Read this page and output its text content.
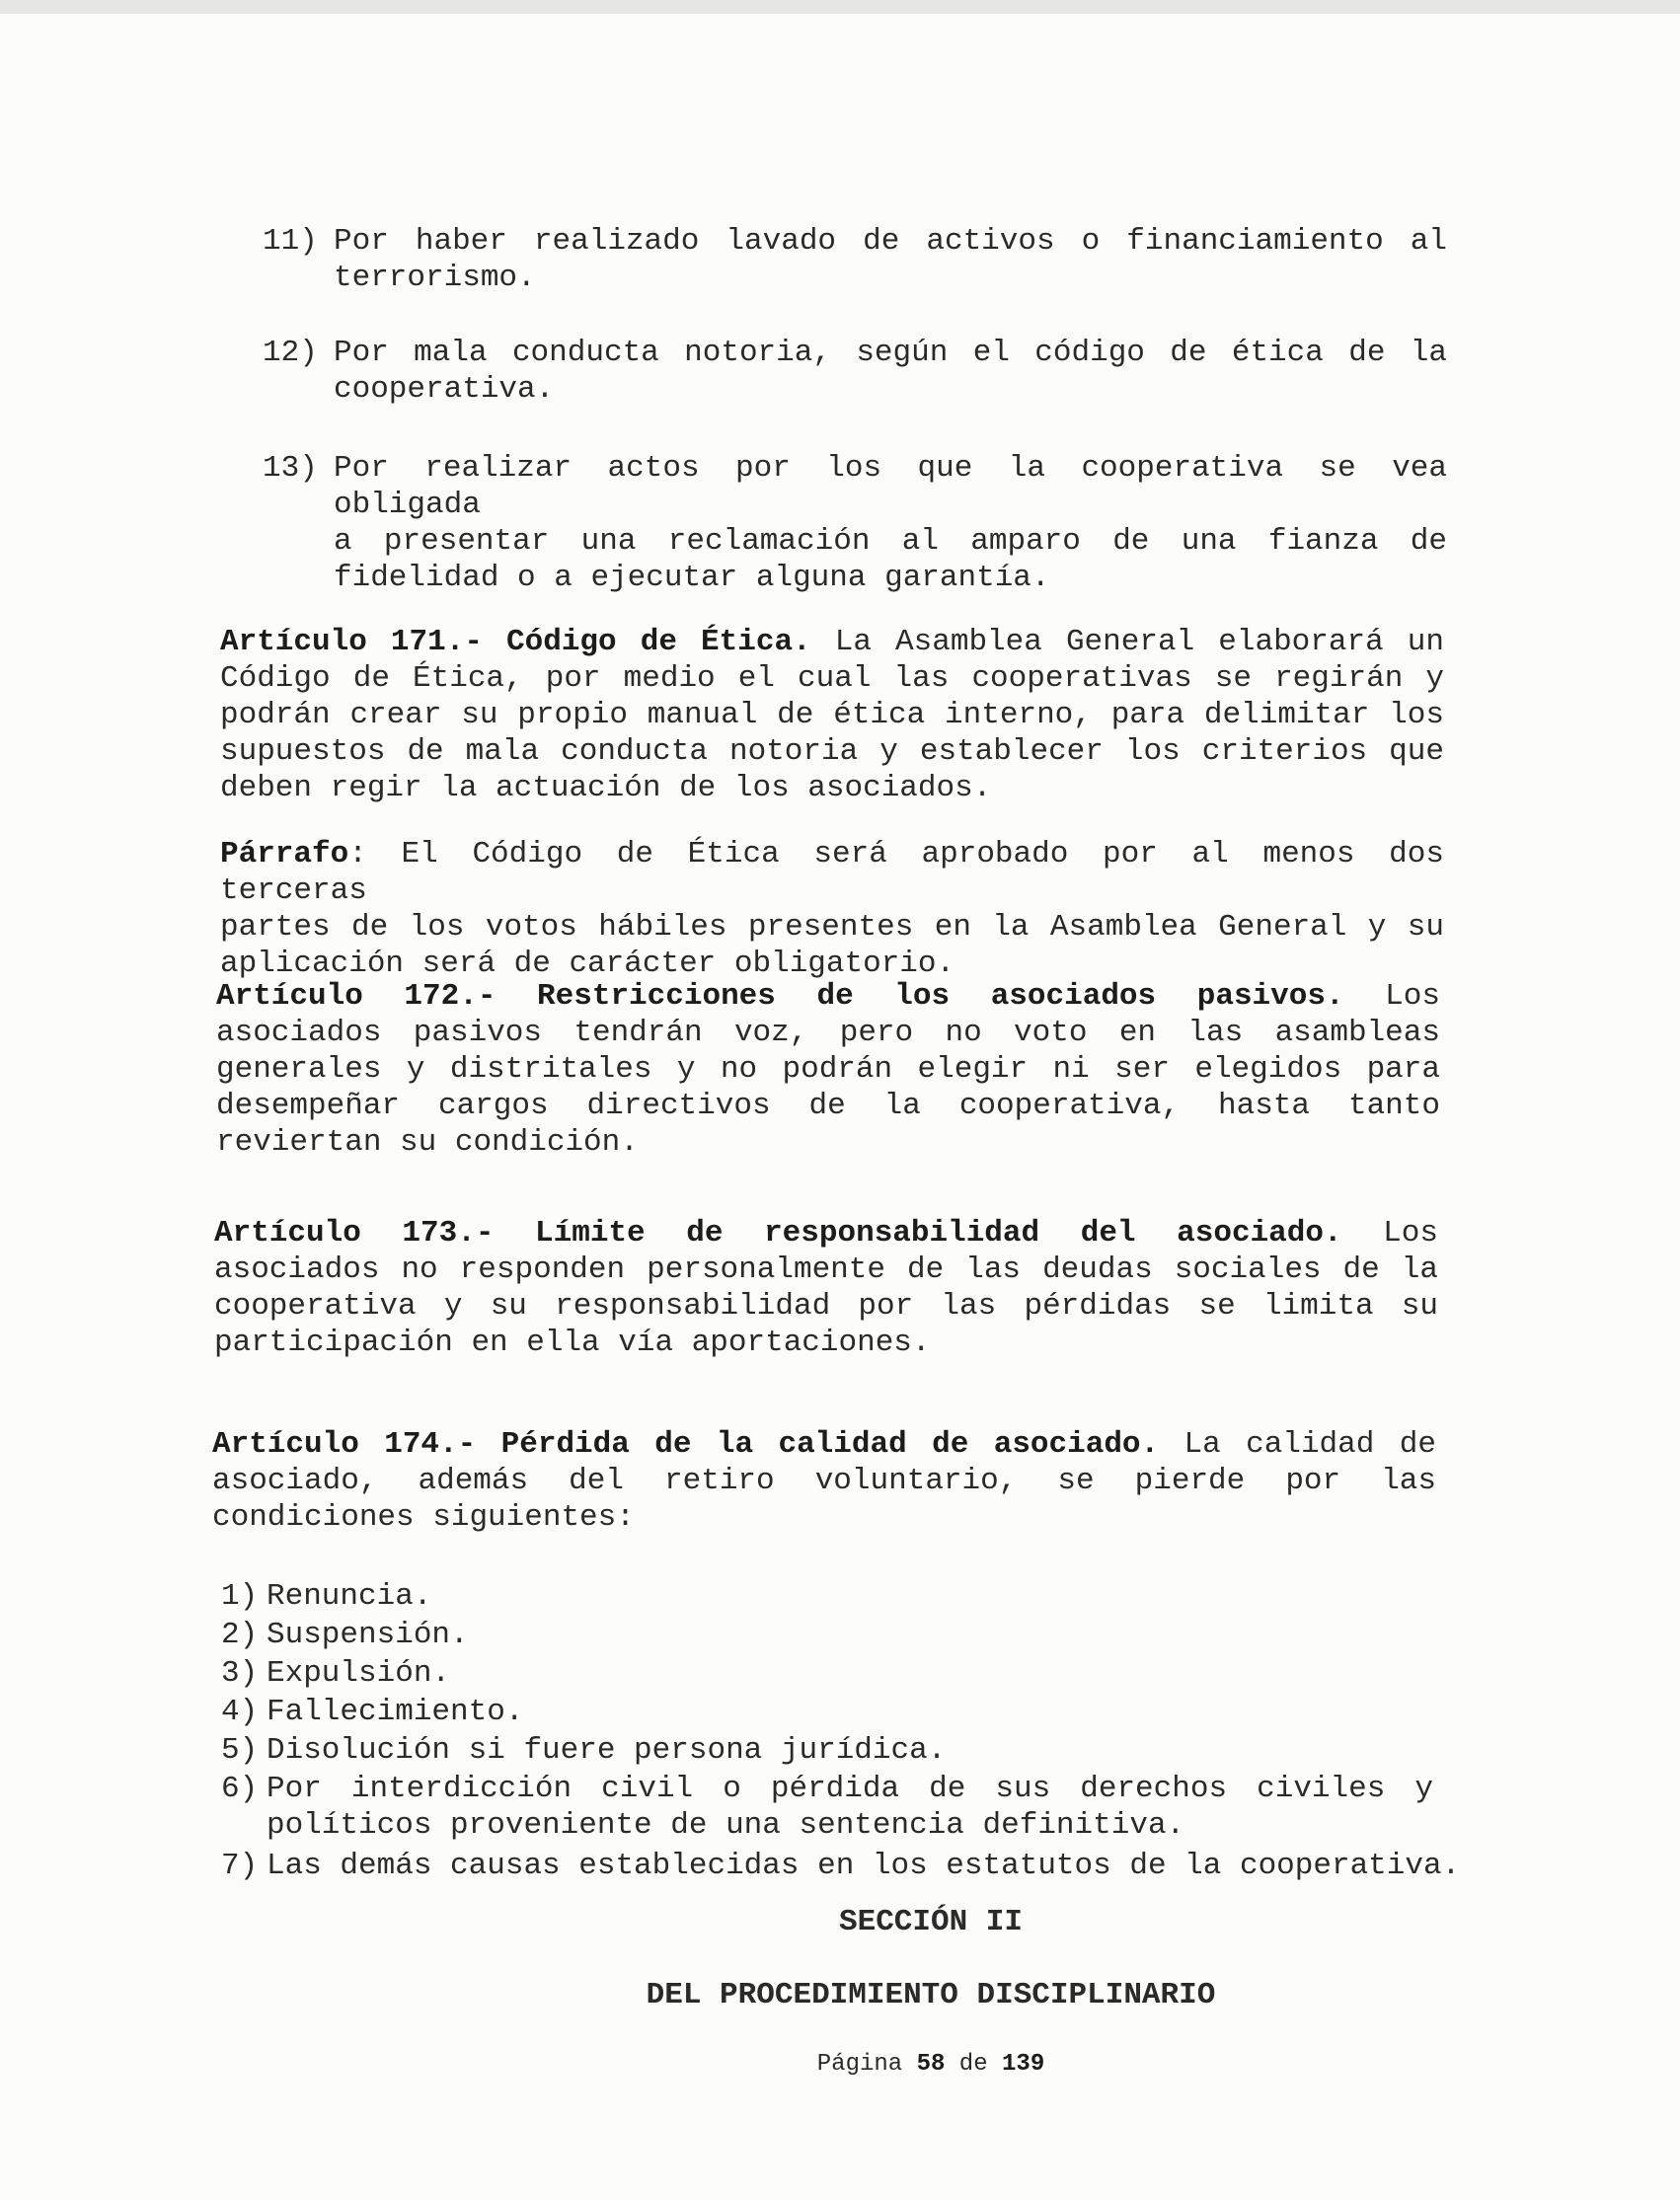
11) Por haber realizado lavado de activos o financiamiento al
terrorismo.
12) Por mala conducta notoria, según el código de ética de la
cooperativa.
13) Por realizar actos por los que la cooperativa se vea obligada
a presentar una reclamación al amparo de una fianza de
fidelidad o a ejecutar alguna garantía.
Artículo 171.- Código de Ética. La Asamblea General elaborará un
Código de Ética, por medio el cual las cooperativas se regirán y
podrán crear su propio manual de ética interno, para delimitar los
supuestos de mala conducta notoria y establecer los criterios que
deben regir la actuación de los asociados.
Párrafo: El Código de Ética será aprobado por al menos dos terceras
partes de los votos hábiles presentes en la Asamblea General y su
aplicación será de carácter obligatorio.
Artículo 172.- Restricciones de los asociados pasivos. Los
asociados pasivos tendrán voz, pero no voto en las asambleas
generales y distritales y no podrán elegir ni ser elegidos para
desempeñar cargos directivos de la cooperativa, hasta tanto
reviertan su condición.
Artículo 173.- Límite de responsabilidad del asociado. Los
asociados no responden personalmente de las deudas sociales de la
cooperativa y su responsabilidad por las pérdidas se limita su
participación en ella vía aportaciones.
Artículo 174.- Pérdida de la calidad de asociado. La calidad de
asociado, además del retiro voluntario, se pierde por las
condiciones siguientes:
1) Renuncia.
2) Suspensión.
3) Expulsión.
4) Fallecimiento.
5) Disolución si fuere persona jurídica.
6) Por interdicción civil o pérdida de sus derechos civiles y
políticos proveniente de una sentencia definitiva.
7) Las demás causas establecidas en los estatutos de la cooperativa.
SECCIÓN II
DEL PROCEDIMIENTO DISCIPLINARIO
Página 58 de 139
